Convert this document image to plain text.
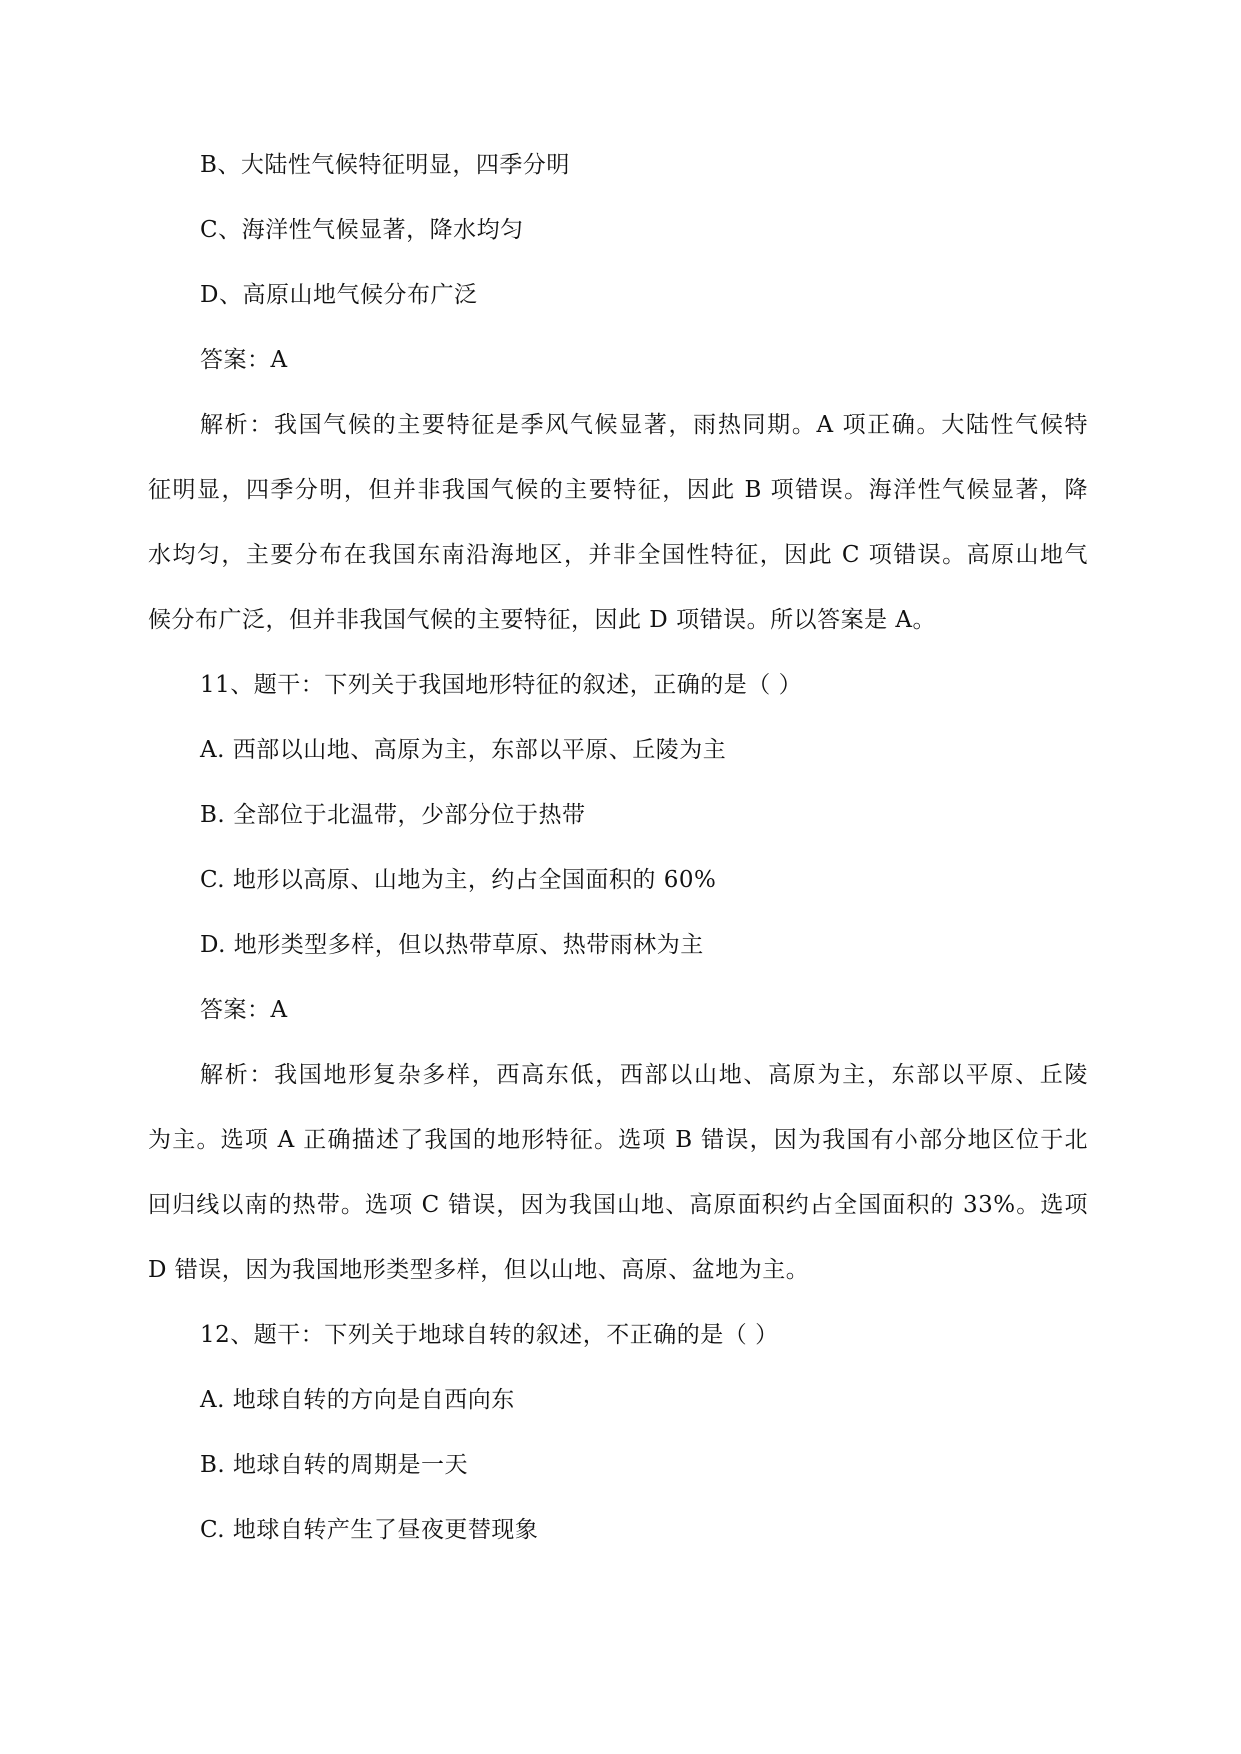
B、大陆性气候特征明显，四季分明
C、海洋性气候显著，降水均匀
D、高原山地气候分布广泛
答案：A
解析：我国气候的主要特征是季风气候显著，雨热同期。A 项正确。大陆性气候特
征明显，四季分明，但并非我国气候的主要特征，因此 B 项错误。海洋性气候显著，降
水均匀，主要分布在我国东南沿海地区，并非全国性特征，因此 C 项错误。高原山地气
候分布广泛，但并非我国气候的主要特征，因此 D 项错误。所以答案是 A。
11、题干：下列关于我国地形特征的叙述，正确的是（ ）
A. 西部以山地、高原为主，东部以平原、丘陵为主
B. 全部位于北温带，少部分位于热带
C. 地形以高原、山地为主，约占全国面积的 60%
D. 地形类型多样，但以热带草原、热带雨林为主
答案：A
解析：我国地形复杂多样，西高东低，西部以山地、高原为主，东部以平原、丘陵
为主。选项 A 正确描述了我国的地形特征。选项 B 错误，因为我国有小部分地区位于北
回归线以南的热带。选项 C 错误，因为我国山地、高原面积约占全国面积的 33%。选项
D 错误，因为我国地形类型多样，但以山地、高原、盆地为主。
12、题干：下列关于地球自转的叙述，不正确的是（ ）
A. 地球自转的方向是自西向东
B. 地球自转的周期是一天
C. 地球自转产生了昼夜更替现象
